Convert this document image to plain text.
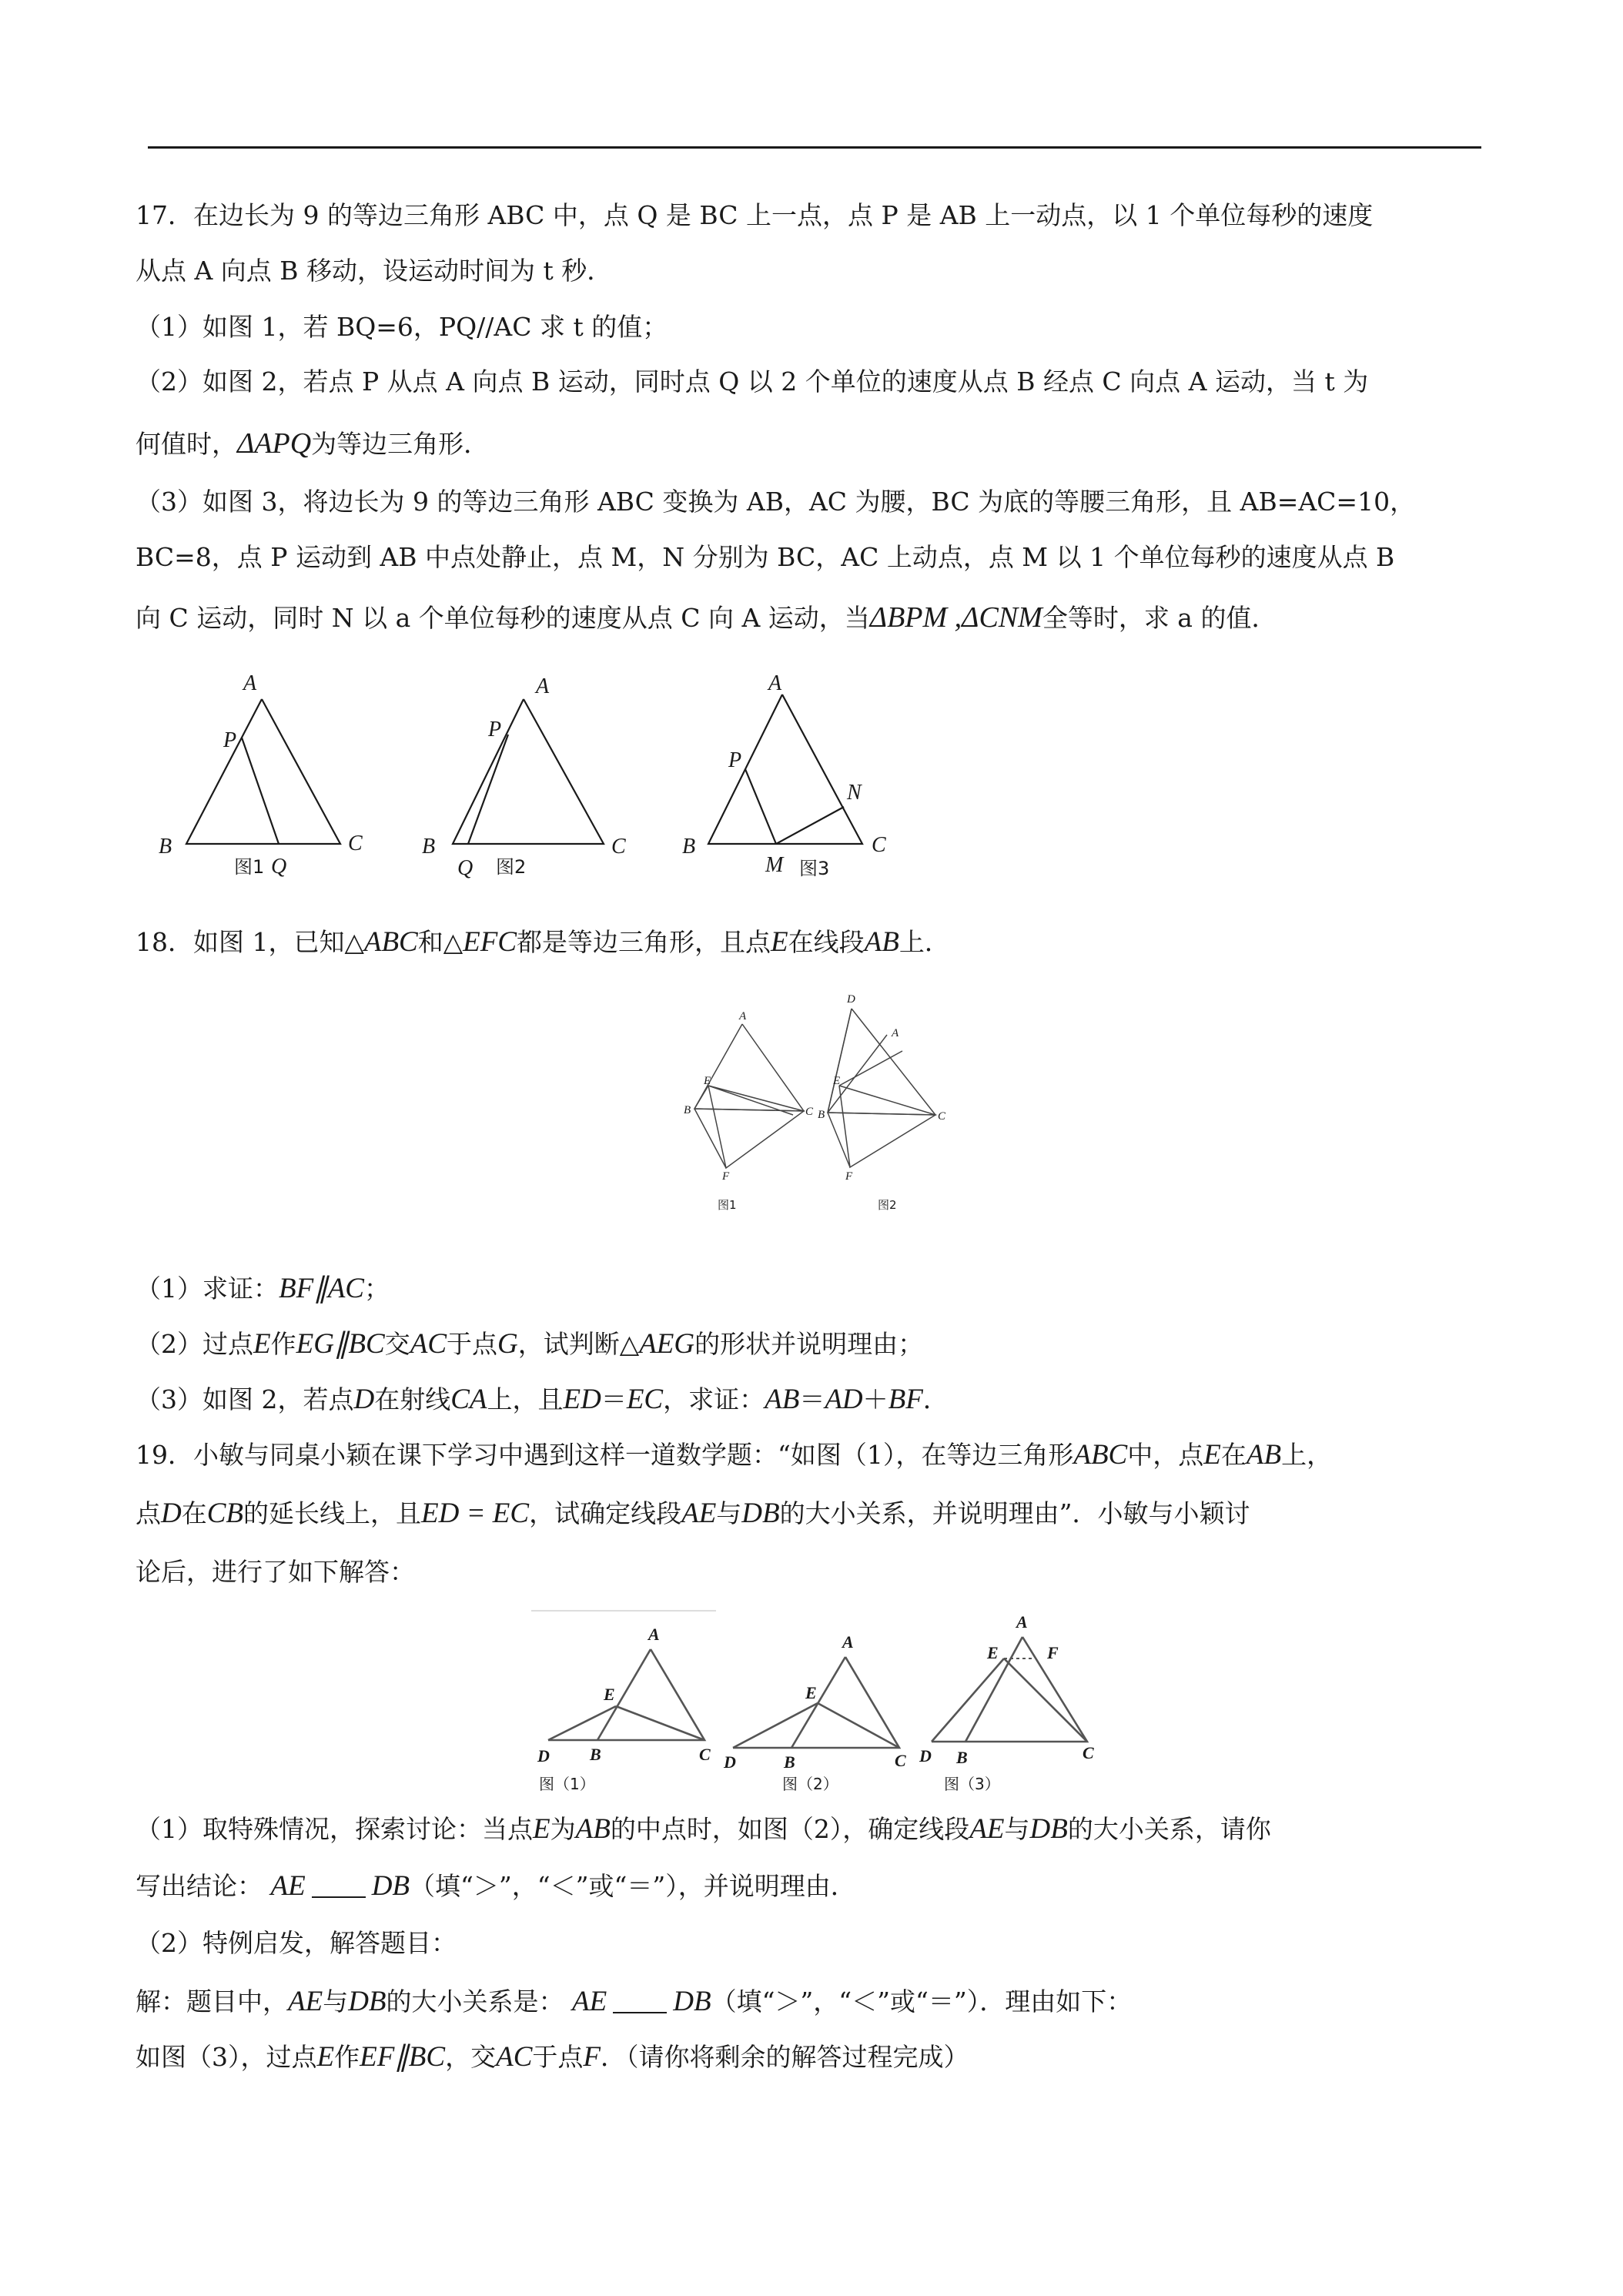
17．在边长为 9 的等边三角形 ABC 中，点 Q 是 BC 上一点，点 P 是 AB 上一动点，以 1 个单位每秒的速度
从点 A 向点 B 移动，设运动时间为 t 秒．
（1）如图 1，若 BQ=6，PQ//AC 求 t 的值；
（2）如图 2，若点 P 从点 A 向点 B 运动，同时点 Q 以 2 个单位的速度从点 B 经点 C 向点 A 运动，当 t 为
何值时，ΔAPQ为等边三角形．
（3）如图 3，将边长为 9 的等边三角形 ABC 变换为 AB，AC 为腰，BC 为底的等腰三角形，且 AB=AC=10，
BC=8，点 P 运动到 AB 中点处静止，点 M，N 分别为 BC，AC 上动点，点 M 以 1 个单位每秒的速度从点 B
向 C 运动，同时 N 以 a 个单位每秒的速度从点 C 向 A 运动，当ΔBPM ,ΔCNM全等时，求 a 的值．
A
P
B	C
Q
图1
A
P
B	C
Q 图2
A
P
N
B	C
M 图3
18．如图 1，已知△ABC和△EFC都是等边三角形，且点E在线段AB上．
A
E
B	C
F
图1
D
A
E
B	C
F
图2
（1）求证：BF∥AC；
（2）过点E作EG∥BC交AC于点G，试判断△AEG的形状并说明理由；
（3）如图 2，若点D在射线CA上，且ED＝EC，求证：AB＝AD＋BF．
19．小敏与同桌小颖在课下学习中遇到这样一道数学题：“如图（1），在等边三角形ABC中，点E在AB上，
点D在CB的延长线上，且ED = EC，试确定线段AE与DB的大小关系，并说明理由”．小敏与小颖讨
论后，进行了如下解答：
A
E
D B	C
图（1）
A
E
D	B	C
图（2）
A
E	F
D B	C
图（3）
（1）取特殊情况，探索讨论：当点E为AB的中点时，如图（2），确定线段AE与DB的大小关系，请你
写出结论： AE DB（填“＞”，“＜”或“＝”），并说明理由．
（2）特例启发，解答题目：
解：题目中，AE与DB的大小关系是： AE DB（填“＞”，“＜”或“＝”）．理由如下：
如图（3），过点E作EF∥BC，交AC于点F．（请你将剩余的解答过程完成）
